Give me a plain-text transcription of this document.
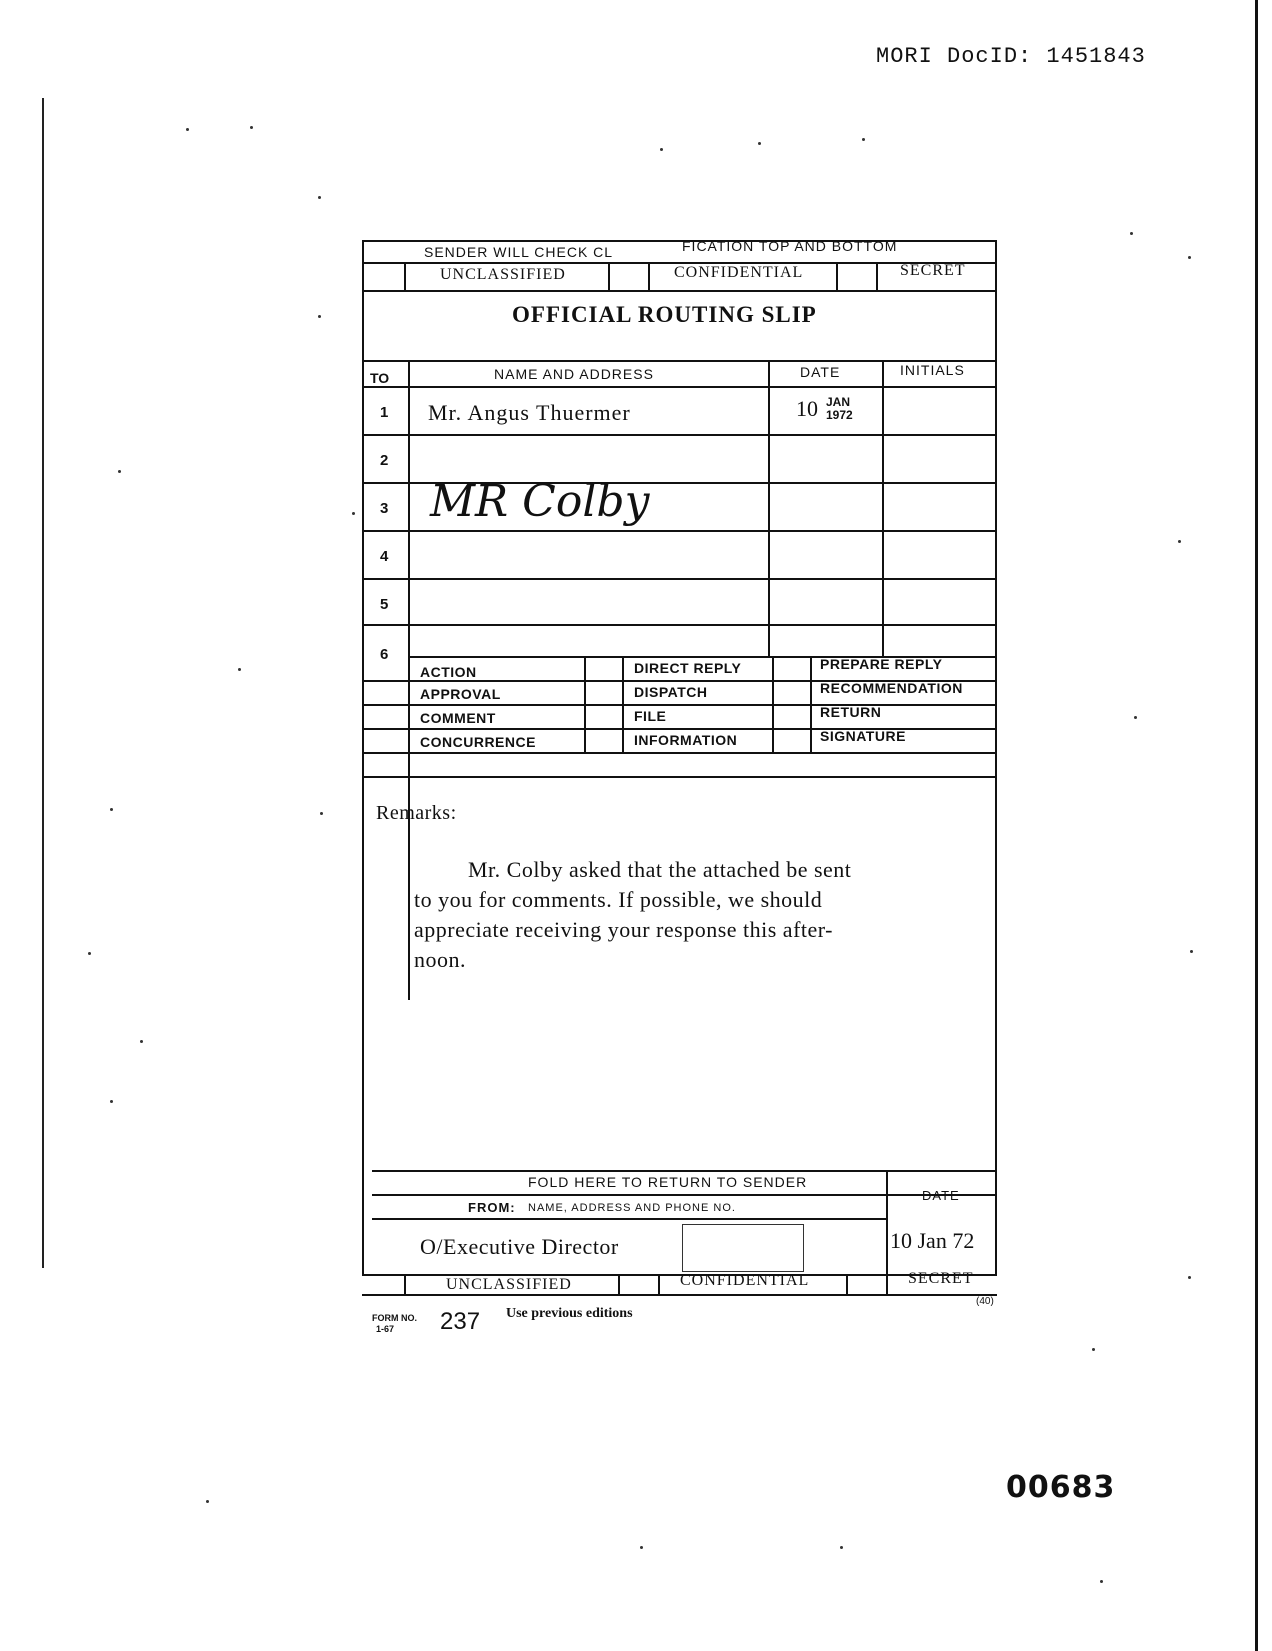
MORI DocID: 1451843
SENDER WILL CHECK CL	FICATION TOP AND BOTTOM
UNCLASSIFIED	CONFIDENTIAL	SECRET
OFFICIAL ROUTING SLIP
TO	NAME AND ADDRESS	DATE	INITIALS
1 Mr. Angus Thuermer	10 JAN
1972
2
3 MR Colby
4
5
6
ACTION	DIRECT REPLY	PREPARE REPLY
APPROVAL	DISPATCH	RECOMMENDATION
COMMENT	FILE	RETURN
CONCURRENCE	INFORMATION	SIGNATURE
Remarks:
Mr. Colby asked that the attached be sent
to you for comments. If possible, we should
appreciate receiving your response this after-
noon.
FOLD HERE TO RETURN TO SENDER
FROM: NAME, ADDRESS AND PHONE NO.
DATE
O/Executive Director	10 Jan 72
UNCLASSIFIED	CONFIDENTIAL	SECRET
(40)
FORM NO.
1-67 237 Use previous editions
00683
